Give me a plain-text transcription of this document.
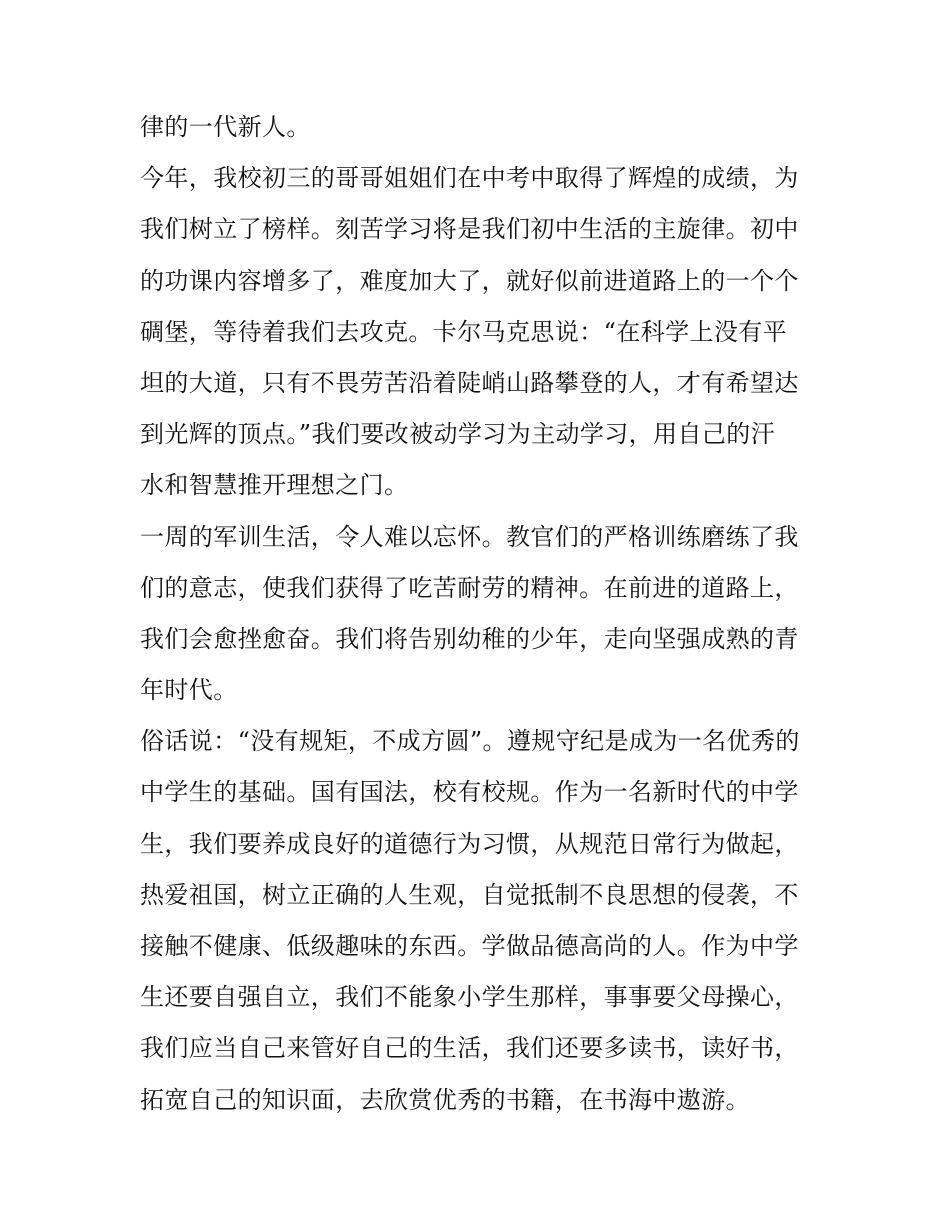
律的一代新人。
今年，我校初三的哥哥姐姐们在中考中取得了辉煌的成绩，为
我们树立了榜样。刻苦学习将是我们初中生活的主旋律。初中
的功课内容增多了，难度加大了，就好似前进道路上的一个个
碉堡，等待着我们去攻克。卡尔马克思说：“在科学上没有平
坦的大道，只有不畏劳苦沿着陡峭山路攀登的人，才有希望达
到光辉的顶点。”我们要改被动学习为主动学习，用自己的汗
水和智慧推开理想之门。
一周的军训生活，令人难以忘怀。教官们的严格训练磨练了我
们的意志，使我们获得了吃苦耐劳的精神。在前进的道路上，
我们会愈挫愈奋。我们将告别幼稚的少年，走向坚强成熟的青
年时代。
俗话说：“没有规矩，不成方圆”。遵规守纪是成为一名优秀的
中学生的基础。国有国法，校有校规。作为一名新时代的中学
生，我们要养成良好的道德行为习惯，从规范日常行为做起，
热爱祖国，树立正确的人生观，自觉抵制不良思想的侵袭，不
接触不健康、低级趣味的东西。学做品德高尚的人。作为中学
生还要自强自立，我们不能象小学生那样，事事要父母操心，
我们应当自己来管好自己的生活，我们还要多读书，读好书，
拓宽自己的知识面，去欣赏优秀的书籍，在书海中遨游。
